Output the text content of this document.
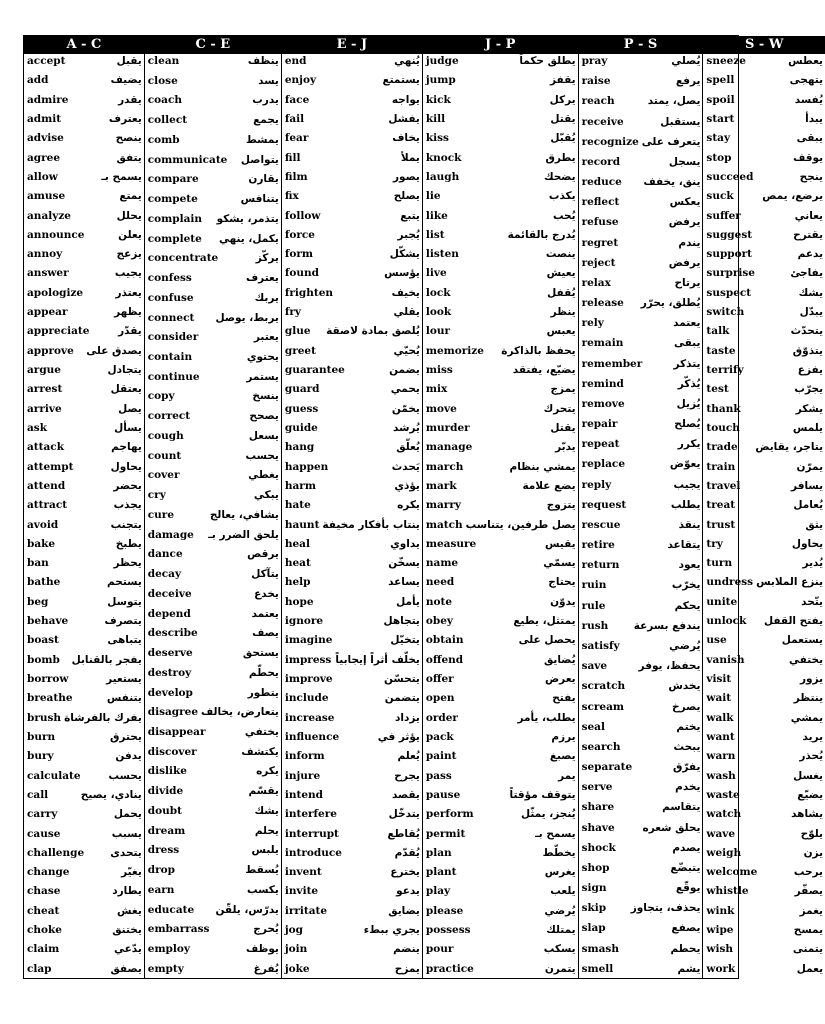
A - C
accept	يقبل
add	يضيف
admire	يقدر
admit	يعترف
advise	ينصح
agree	يتفق
allow	يسمح بـ
amuse	يمتع
analyze	يحلل
announce	يعلن
annoy	يزعج
answer	يجيب
apologize	يعتذر
appear	يظهر
appreciate	يقدّر
approve	يصدق على
argue	يتجادل
arrest	يعتقل
arrive	يصل
ask	يسأل
attack	يهاجم
attempt	يحاول
attend	يحضر
attract	يجذب
avoid	يتجنب
bake	يطبخ
ban	يحظر
bathe	يستحم
beg	يتوسل
behave	يتصرف
boast	يتباهى
bomb	يفجر بالقنابل
borrow	يستعير
breathe	يتنفس
brush يفرك بالفرشاة
burn	يحترق
bury	يدفن
calculate	يحسب
call	ينادي، يصيح
carry	يحمل
cause	يسبب
challenge	يتحدى
change	يغيّر
chase	يطارد
cheat	يغش
choke	يختنق
claim	يدّعي
clap	يصفق
C - E
clean	ينظف
close	يسد
coach	يدرب
collect	يجمع
comb	يمشط
communicate	يتواصل
compare	يقارن
compete	يتنافس
complain	يتذمر، يشكو
complete	يكمل، ينهي
concentrate	يركّز
confess	يعترف
confuse	يربك
connect	يربط، يوصل
consider	يعتبر
contain	يحتوي
continue	يستمر
copy	ينسخ
correct	يصحح
cough	يسعل
count	يحسب
cover	يغطي
cry	يبكي
cure	يشافي، يعالج
damage	يلحق الضرر بـ
dance	يرقص
decay	يتآكل
deceive	يخدع
depend	يعتمد
describe	يصف
deserve	يستحق
destroy	يحطّم
develop	يتطور
disagree يتعارض، يخالف
disappear	يختفي
discover	يكتشف
dislike	يكره
divide	يقسّم
doubt	يشك
dream	يحلم
dress	يلبس
drop	يُسقط
earn	يكسب
educate	يدرّس، يلقّن
embarrass	يُحرج
employ	يوظف
empty	يُفرغ
E - J
end	يُنهي
enjoy	يستمتع
face	يواجه
fail	يفشل
fear	يخاف
fill	يملأ
film	يصور
fix	يصلح
follow	يتبع
force	يُجبر
form	يشكّل
found	يؤسس
frighten	يخيف
fry	يقلي
glue	يُلصق بمادة لاصقة
greet	يُحيّي
guarantee	يضمن
guard	يحمي
guess	يخمّن
guide	يُرشد
hang	يُعلّق
happen	يَحدث
harm	يؤذي
hate	يكره
haunt ينتاب بأفكار مخيفة
heal	يداوي
heat	يسخّن
help	يساعد
hope	يأمل
ignore	يتجاهل
imagine	يتخيّل
impress يخلّف أثراً إيجابياً
improve	يتحسّن
include	يتضمن
increase	يزداد
influence	يؤثر في
inform	يُعلم
injure	يجرح
intend	يقصد
interfere	يتدخّل
interrupt	يُقاطع
introduce	يُقدّم
invent	يخترع
invite	يدعو
irritate	يضايق
jog	يجري ببطء
join	ينضم
joke	يمزح
J - P
judge	يطلق حكماً
jump	يقفز
kick	يركل
kill	يقتل
kiss	يُقبّل
knock	يطرق
laugh	يضحك
lie	يكذب
like	يُحب
list	يُدرج بالقائمة
listen	ينصت
live	يعيش
lock	يُقفل
look	ينظر
lour	يعبس
memorize	يحفظ بالذاكرة
miss	يضيّع، يفتقد
mix	يمزج
move	يتحرك
murder	يقتل
manage	يدبّر
march	يمشي بنظام
mark	يضع علامة
marry	يتزوج
match يصل طرفين، يتناسب
measure	يقيس
name	يسمّي
need	يحتاج
note	يدوّن
obey	يمتثل، يطيع
obtain	يحصل على
offend	يُضايق
offer	يعرض
open	يفتح
order	يطلب، يأمر
pack	يرزم
paint	يصبغ
pass	يمر
pause	يتوقف مؤقتاً
perform	يُنجز، يمثّل
permit	يسمح بـ
plan	يخطّط
plant	يغرس
play	يلعب
please	يُرضي
possess	يمتلك
pour	يسكب
practice	يتمرن
P - S
pray	يُصلي
raise	يرفع
reach	يصل، يمتد
receive	يستقبل
recognize يتعرف على
record	يسجل
reduce	ينق، يخفف
reflect	يعكس
refuse	يرفض
regret	يندم
reject	يرفض
relax	يرتاح
release	يُطلق، يحرّر
rely	يعتمد
remain	يبقى
remember	يتذكر
remind	يُذكّر
remove	يُزيل
repair	يُصلح
repeat	يكرر
replace	يعوّض
reply	يجيب
request	يطلب
rescue	ينقذ
retire	يتقاعد
return	يعود
ruin	يخرّب
rule	يحكم
rush	يندفع بسرعة
satisfy	يُرضي
save	يحفظ، يوفر
scratch	يخدش
scream	يصرخ
seal	يختم
search	يبحث
separate	يفرّق
serve	يخدم
share	يتقاسم
shave	يحلق شعره
shock	يصدم
shop	يتبضّع
sign	يوقّع
skip	يحذف، يتجاوز
slap	يصفع
smash	يحطم
smell	يشم
S - W
sneeze	يعطس
spell	يتهجى
spoil	يُفسد
start	يبدأ
stay	يبقى
stop	يوقف
succeed	ينجح
suck	يرضع، يمص
suffer	يعاني
suggest	يقترح
support	يدعم
surprise	يفاجئ
suspect	يشك
switch	يبدّل
talk	يتحدّث
taste	يتذوّق
terrify	يفزع
test	يجرّب
thank	يشكر
touch	يلمس
trade	يتاجر، يقايض
train	يمرّن
travel	يسافر
treat	يُعامل
trust	يثق
try	يحاول
turn	يُدير
undress ينزع الملابس
unite	يتّحد
unlock	يفتح القفل
use	يستعمل
vanish	يختفي
visit	يزور
wait	ينتظر
walk	يمشي
want	يريد
warn	يُحذر
wash	يغسل
waste	يضيّع
watch	يشاهد
wave	يلوّح
weigh	يزن
welcome	يرحب
whistle	يصفّر
wink	يغمز
wipe	يمسح
wish	يتمنى
work	يعمل
